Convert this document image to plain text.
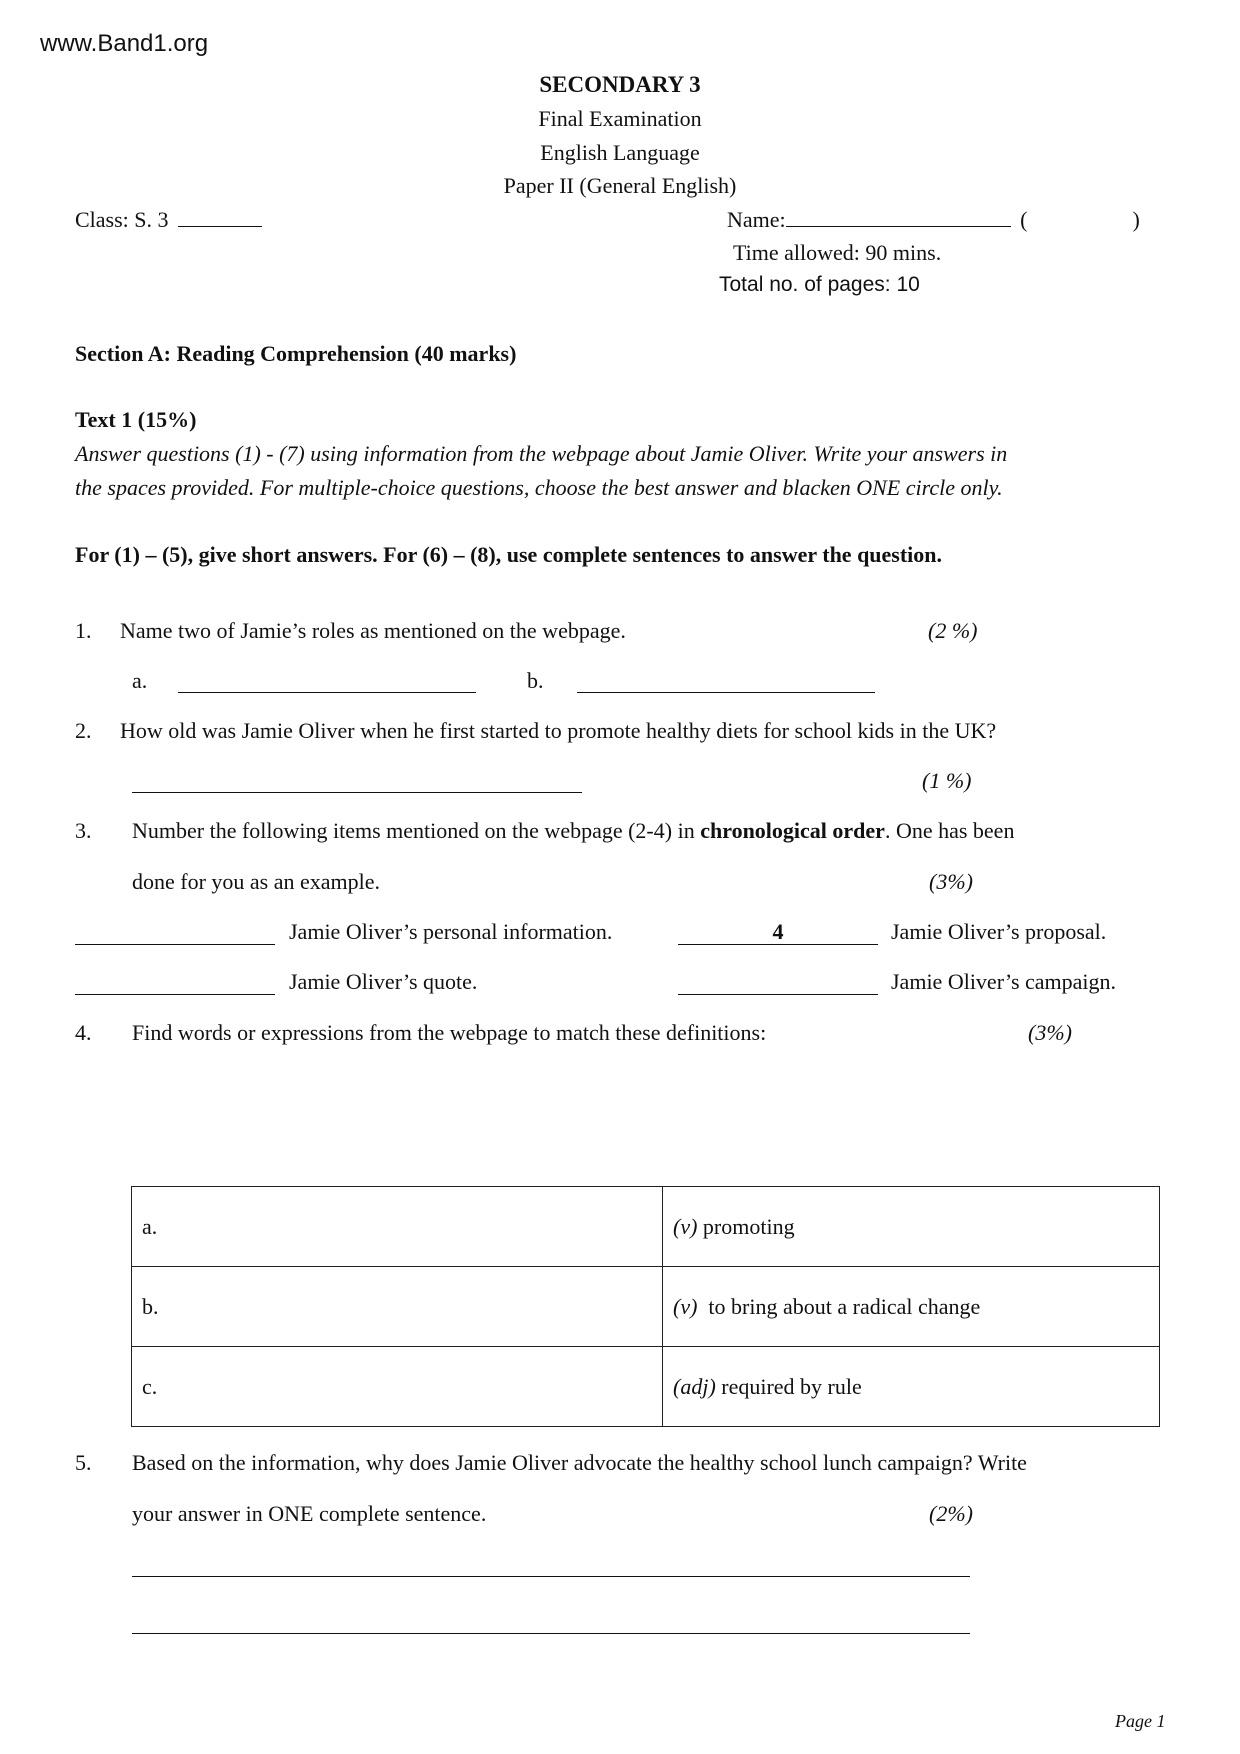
www.Band1.org
SECONDARY 3
Final Examination
English Language
Paper II (General English)
Class: S. 3	Name:	(	)
Time allowed: 90 mins.
Total no. of pages: 10
Section A: Reading Comprehension (40 marks)
Text 1 (15%)
Answer questions (1) - (7) using information from the webpage about Jamie Oliver. Write your answers in
the spaces provided. For multiple-choice questions, choose the best answer and blacken ONE circle only.
For (1) – (5), give short answers. For (6) – (8), use complete sentences to answer the question.
1. Name two of Jamie’s roles as mentioned on the webpage.	(2 %)
a.	b.
2. How old was Jamie Oliver when he first started to promote healthy diets for school kids in the UK?
(1 %)
3. Number the following items mentioned on the webpage (2-4) in chronological order. One has been
done for you as an example.	(3%)
Jamie Oliver’s personal information.	4	Jamie Oliver’s proposal.
Jamie Oliver’s quote.	Jamie Oliver’s campaign.
4. Find words or expressions from the webpage to match these definitions:	(3%)
a.	(v) promoting
b.	(v)  to bring about a radical change
c.	(adj) required by rule
5. Based on the information, why does Jamie Oliver advocate the healthy school lunch campaign? Write
your answer in ONE complete sentence.	(2%)
Page 1
